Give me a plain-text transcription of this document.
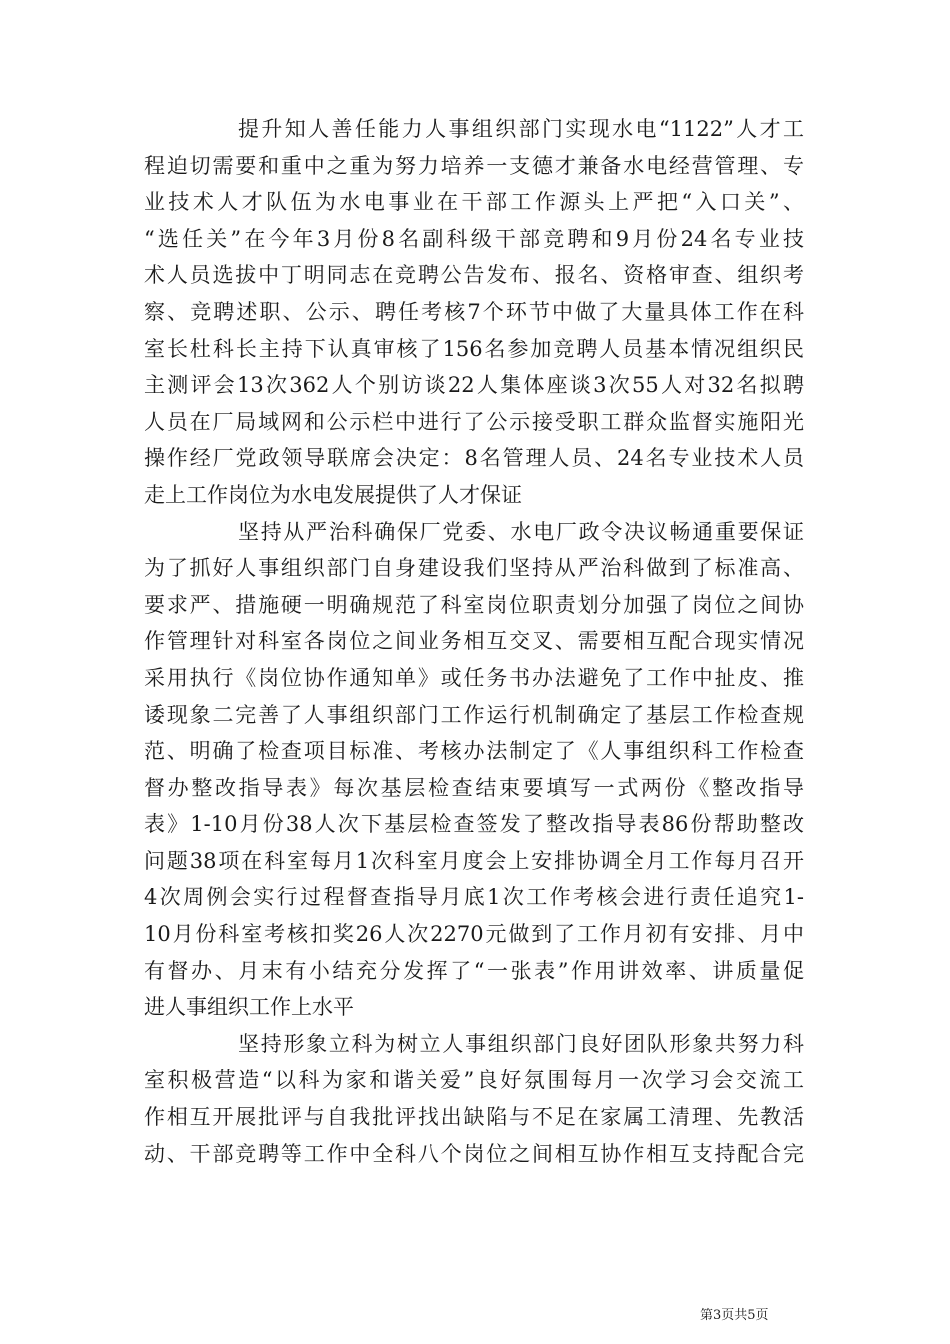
提升知人善任能力人事组织部门实现水电“1122”人才工
程迫切需要和重中之重为努力培养一支德才兼备水电经营管理、专
业技术人才队伍为水电事业在干部工作源头上严把“入口关”、
“选任关”在今年3月份8名副科级干部竞聘和9月份24名专业技
术人员选拔中丁明同志在竞聘公告发布、报名、资格审查、组织考
察、竞聘述职、公示、聘任考核7个环节中做了大量具体工作在科
室长杜科长主持下认真审核了156名参加竞聘人员基本情况组织民
主测评会13次362人个别访谈22人集体座谈3次55人对32名拟聘
人员在厂局域网和公示栏中进行了公示接受职工群众监督实施阳光
操作经厂党政领导联席会决定：8名管理人员、24名专业技术人员
走上工作岗位为水电发展提供了人才保证
坚持从严治科确保厂党委、水电厂政令决议畅通重要保证
为了抓好人事组织部门自身建设我们坚持从严治科做到了标准高、
要求严、措施硬一明确规范了科室岗位职责划分加强了岗位之间协
作管理针对科室各岗位之间业务相互交叉、需要相互配合现实情况
采用执行《岗位协作通知单》或任务书办法避免了工作中扯皮、推
诿现象二完善了人事组织部门工作运行机制确定了基层工作检查规
范、明确了检查项目标准、考核办法制定了《人事组织科工作检查
督办整改指导表》每次基层检查结束要填写一式两份《整改指导
表》1-10月份38人次下基层检查签发了整改指导表86份帮助整改
问题38项在科室每月1次科室月度会上安排协调全月工作每月召开
4次周例会实行过程督查指导月底1次工作考核会进行责任追究1-
10月份科室考核扣奖26人次2270元做到了工作月初有安排、月中
有督办、月末有小结充分发挥了“一张表”作用讲效率、讲质量促
进人事组织工作上水平
坚持形象立科为树立人事组织部门良好团队形象共努力科
室积极营造“以科为家和谐关爱”良好氛围每月一次学习会交流工
作相互开展批评与自我批评找出缺陷与不足在家属工清理、先教活
动、干部竞聘等工作中全科八个岗位之间相互协作相互支持配合完
第3页共5页
